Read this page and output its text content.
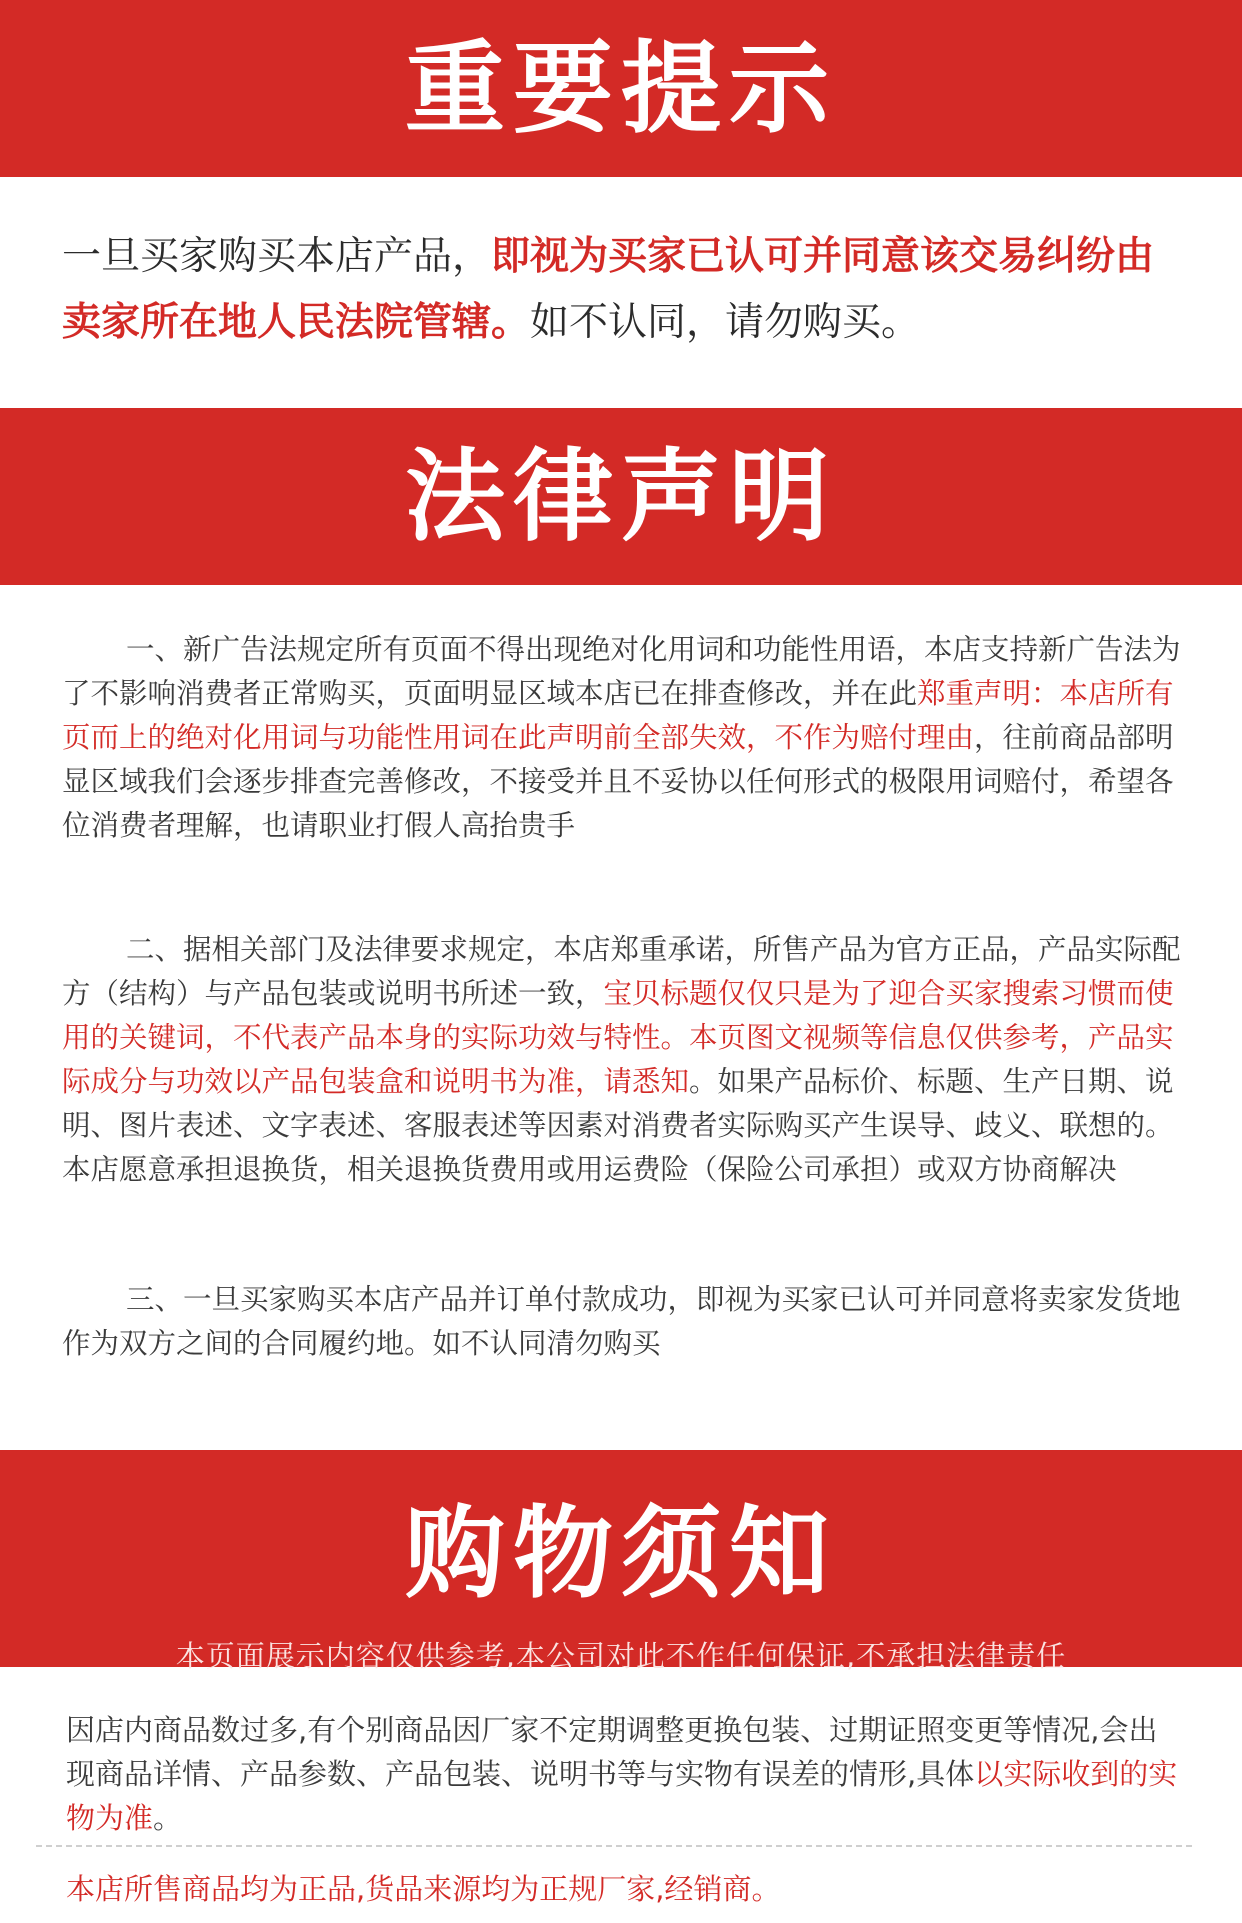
重要提示
一旦买家购买本店产品，即视为买家已认可并同意该交易纠纷由卖家所在地人民法院管辖。如不认同，请勿购买。
法律声明

一、新广告法规定所有页面不得出现绝对化用词和功能性用语，本店支持新广告法为了不影响消费者正常购买，页面明显区域本店已在排查修改，并在此郑重声明：本店所有页而上的绝对化用词与功能性用词在此声明前全部失效，不作为赔付理由，往前商品部明显区域我们会逐步排查完善修改，不接受并且不妥协以任何形式的极限用词赔付，希望各位消费者理解，也请职业打假人高抬贵手

二、据相关部门及法律要求规定，本店郑重承诺，所售产品为官方正品，产品实际配方（结构）与产品包装或说明书所述一致，宝贝标题仅仅只是为了迎合买家搜索习惯而使用的关键词，不代表产品本身的实际功效与特性。本页图文视频等信息仅供参考，产品实际成分与功效以产品包装盒和说明书为准，请悉知。如果产品标价、标题、生产日期、说明、图片表述、文字表述、客服表述等因素对消费者实际购买产生误导、歧义、联想的。本店愿意承担退换货，相关退换货费用或用运费险（保险公司承担）或双方协商解决

三、一旦买家购买本店产品并订单付款成功，即视为买家已认可并同意将卖家发货地作为双方之间的合同履约地。如不认同清勿购买

购物须知
本页面展示内容仅供参考,本公司对此不作任何保证,不承担法律责任

因店内商品数过多,有个别商品因厂家不定期调整更换包装、过期证照变更等情况,会出现商品详情、产品参数、产品包装、说明书等与实物有误差的情形,具体以实际收到的实物为准。

本店所售商品均为正品,货品来源均为正规厂家,经销商。
